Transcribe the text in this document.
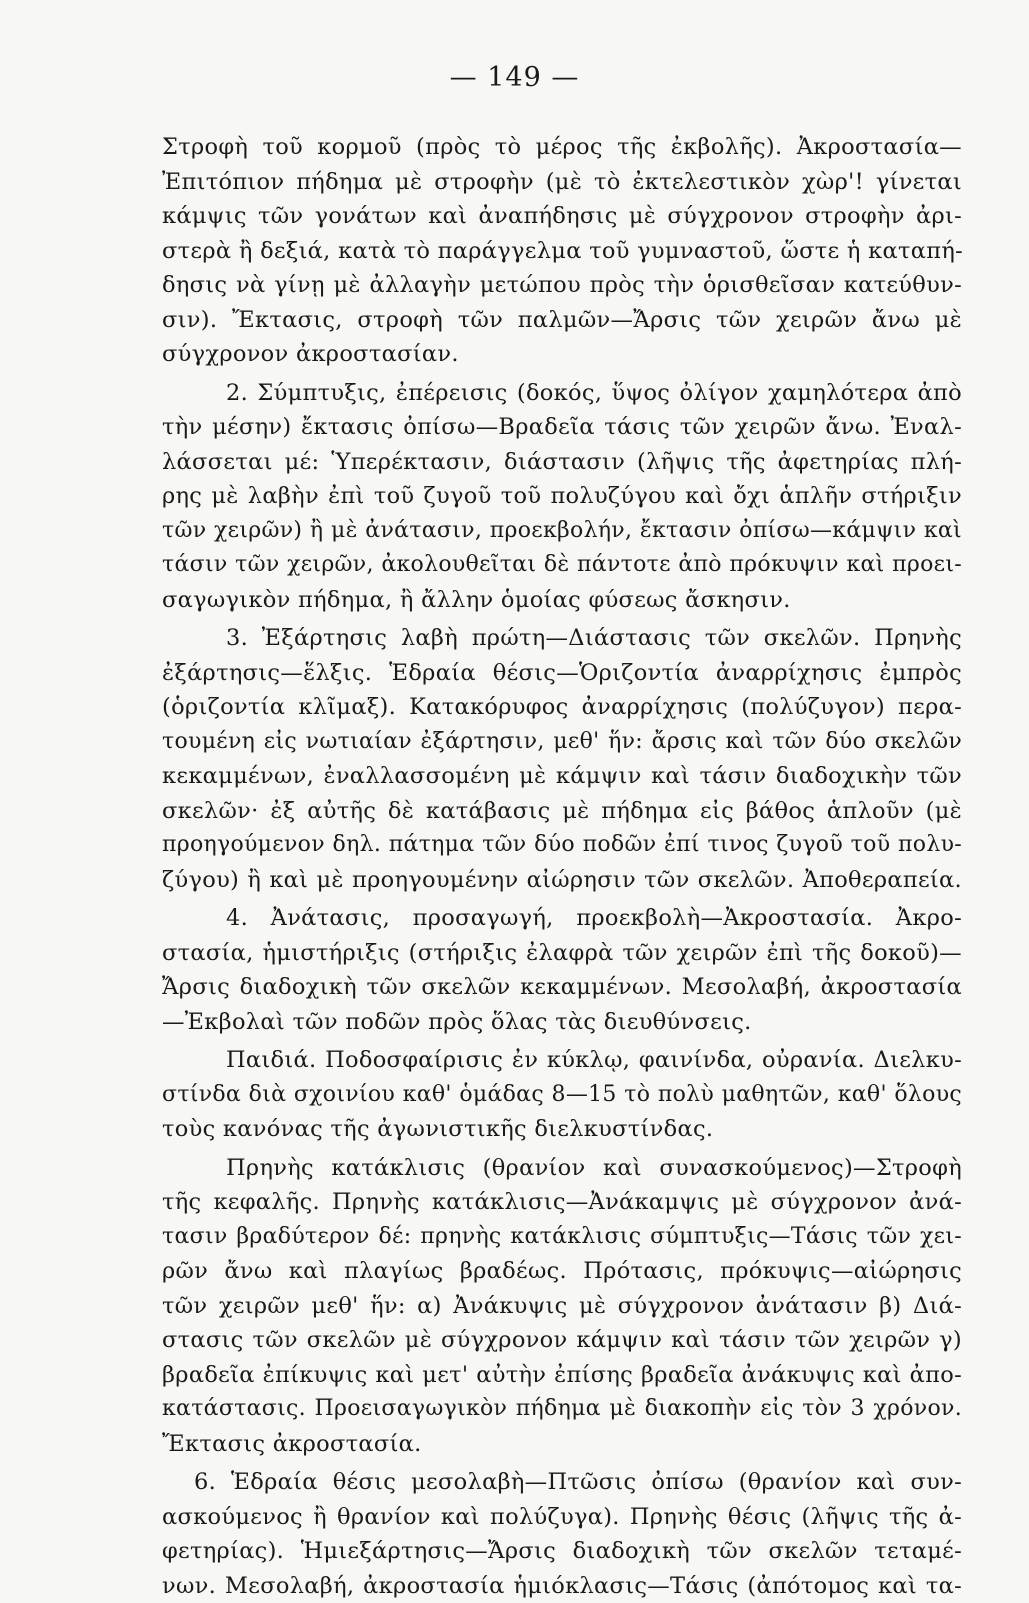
— 149 —
Στροφὴ τοῦ κορμοῦ (πρὸς τὸ μέρος τῆς ἐκβολῆς). Ἀκροστασία—
Ἐπιτόπιον πήδημα μὲ στροφὴν (μὲ τὸ ἐκτελεστικὸν χὼρ'! γίνεται
κάμψις τῶν γονάτων καὶ ἀναπήδησις μὲ σύγχρονον στροφὴν ἀρι-
στερὰ ἢ δεξιά, κατὰ τὸ παράγγελμα τοῦ γυμναστοῦ, ὥστε ἡ καταπή-
δησις νὰ γίνῃ μὲ ἀλλαγὴν μετώπου πρὸς τὴν ὁρισθεῖσαν κατεύθυν-
σιν). Ἔκτασις, στροφὴ τῶν παλμῶν—Ἄρσις τῶν χειρῶν ἄνω μὲ
σύγχρονον ἀκροστασίαν.
2. Σύμπτυξις, ἐπέρεισις (δοκός, ὕψος ὀλίγον χαμηλότερα ἀπὸ
τὴν μέσην) ἔκτασις ὀπίσω—Βραδεῖα τάσις τῶν χειρῶν ἄνω. Ἐναλ-
λάσσεται μέ: Ὑπερέκτασιν, διάστασιν (λῆψις τῆς ἀφετηρίας πλή-
ρης μὲ λαβὴν ἐπὶ τοῦ ζυγοῦ τοῦ πολυζύγου καὶ ὄχι ἁπλῆν στήριξιν
τῶν χειρῶν) ἢ μὲ ἀνάτασιν, προεκβολήν, ἔκτασιν ὀπίσω—κάμψιν καὶ
τάσιν τῶν χειρῶν, ἀκολουθεῖται δὲ πάντοτε ἀπὸ πρόκυψιν καὶ προει-
σαγωγικὸν πήδημα, ἢ ἄλλην ὁμοίας φύσεως ἄσκησιν.
3. Ἐξάρτησις λαβὴ πρώτη—Διάστασις τῶν σκελῶν. Πρηνὴς
ἐξάρτησις—ἕλξις. Ἑδραία θέσις—Ὁριζοντία ἀναρρίχησις ἐμπρὸς
(ὁριζοντία κλῖμαξ). Κατακόρυφος ἀναρρίχησις (πολύζυγον) περα-
τουμένη εἰς νωτιαίαν ἐξάρτησιν, μεθ' ἥν: ἄρσις καὶ τῶν δύο σκελῶν
κεκαμμένων, ἐναλλασσομένη μὲ κάμψιν καὶ τάσιν διαδοχικὴν τῶν
σκελῶν· ἐξ αὐτῆς δὲ κατάβασις μὲ πήδημα εἰς βάθος ἁπλοῦν (μὲ
προηγούμενον δηλ. πάτημα τῶν δύο ποδῶν ἐπί τινος ζυγοῦ τοῦ πολυ-
ζύγου) ἢ καὶ μὲ προηγουμένην αἰώρησιν τῶν σκελῶν. Ἀποθεραπεία.
4. Ἀνάτασις, προσαγωγή, προεκβολὴ—Ἀκροστασία. Ἀκρο-
στασία, ἡμιστήριξις (στήριξις ἐλαφρὰ τῶν χειρῶν ἐπὶ τῆς δοκοῦ)—
Ἄρσις διαδοχικὴ τῶν σκελῶν κεκαμμένων. Μεσολαβή, ἀκροστασία
—Ἐκβολαὶ τῶν ποδῶν πρὸς ὅλας τὰς διευθύνσεις.
Παιδιά. Ποδοσφαίρισις ἐν κύκλῳ, φαινίνδα, οὐρανία. Διελκυ-
στίνδα διὰ σχοινίου καθ' ὁμάδας 8—15 τὸ πολὺ μαθητῶν, καθ' ὅλους
τοὺς κανόνας τῆς ἀγωνιστικῆς διελκυστίνδας.
Πρηνὴς κατάκλισις (θρανίον καὶ συνασκούμενος)—Στροφὴ
τῆς κεφαλῆς. Πρηνὴς κατάκλισις—Ἀνάκαμψις μὲ σύγχρονον ἀνά-
τασιν βραδύτερον δέ: πρηνὴς κατάκλισις σύμπτυξις—Τάσις τῶν χει-
ρῶν ἄνω καὶ πλαγίως βραδέως. Πρότασις, πρόκυψις—αἰώρησις
τῶν χειρῶν μεθ' ἥν: α) Ἀνάκυψις μὲ σύγχρονον ἀνάτασιν β) Διά-
στασις τῶν σκελῶν μὲ σύγχρονον κάμψιν καὶ τάσιν τῶν χειρῶν γ)
βραδεῖα ἐπίκυψις καὶ μετ' αὐτὴν ἐπίσης βραδεῖα ἀνάκυψις καὶ ἀπο-
κατάστασις. Προεισαγωγικὸν πήδημα μὲ διακοπὴν εἰς τὸν 3 χρόνον.
Ἔκτασις ἀκροστασία.
6. Ἑδραία θέσις μεσολαβὴ—Πτῶσις ὀπίσω (θρανίον καὶ συν-
ασκούμενος ἢ θρανίον καὶ πολύζυγα). Πρηνὴς θέσις (λῆψις τῆς ἀ-
φετηρίας). Ἡμιεξάρτησις—Ἄρσις διαδοχικὴ τῶν σκελῶν τεταμέ-
νων. Μεσολαβή, ἀκροστασία ἡμιόκλασις—Τάσις (ἀπότομος καὶ τα-
